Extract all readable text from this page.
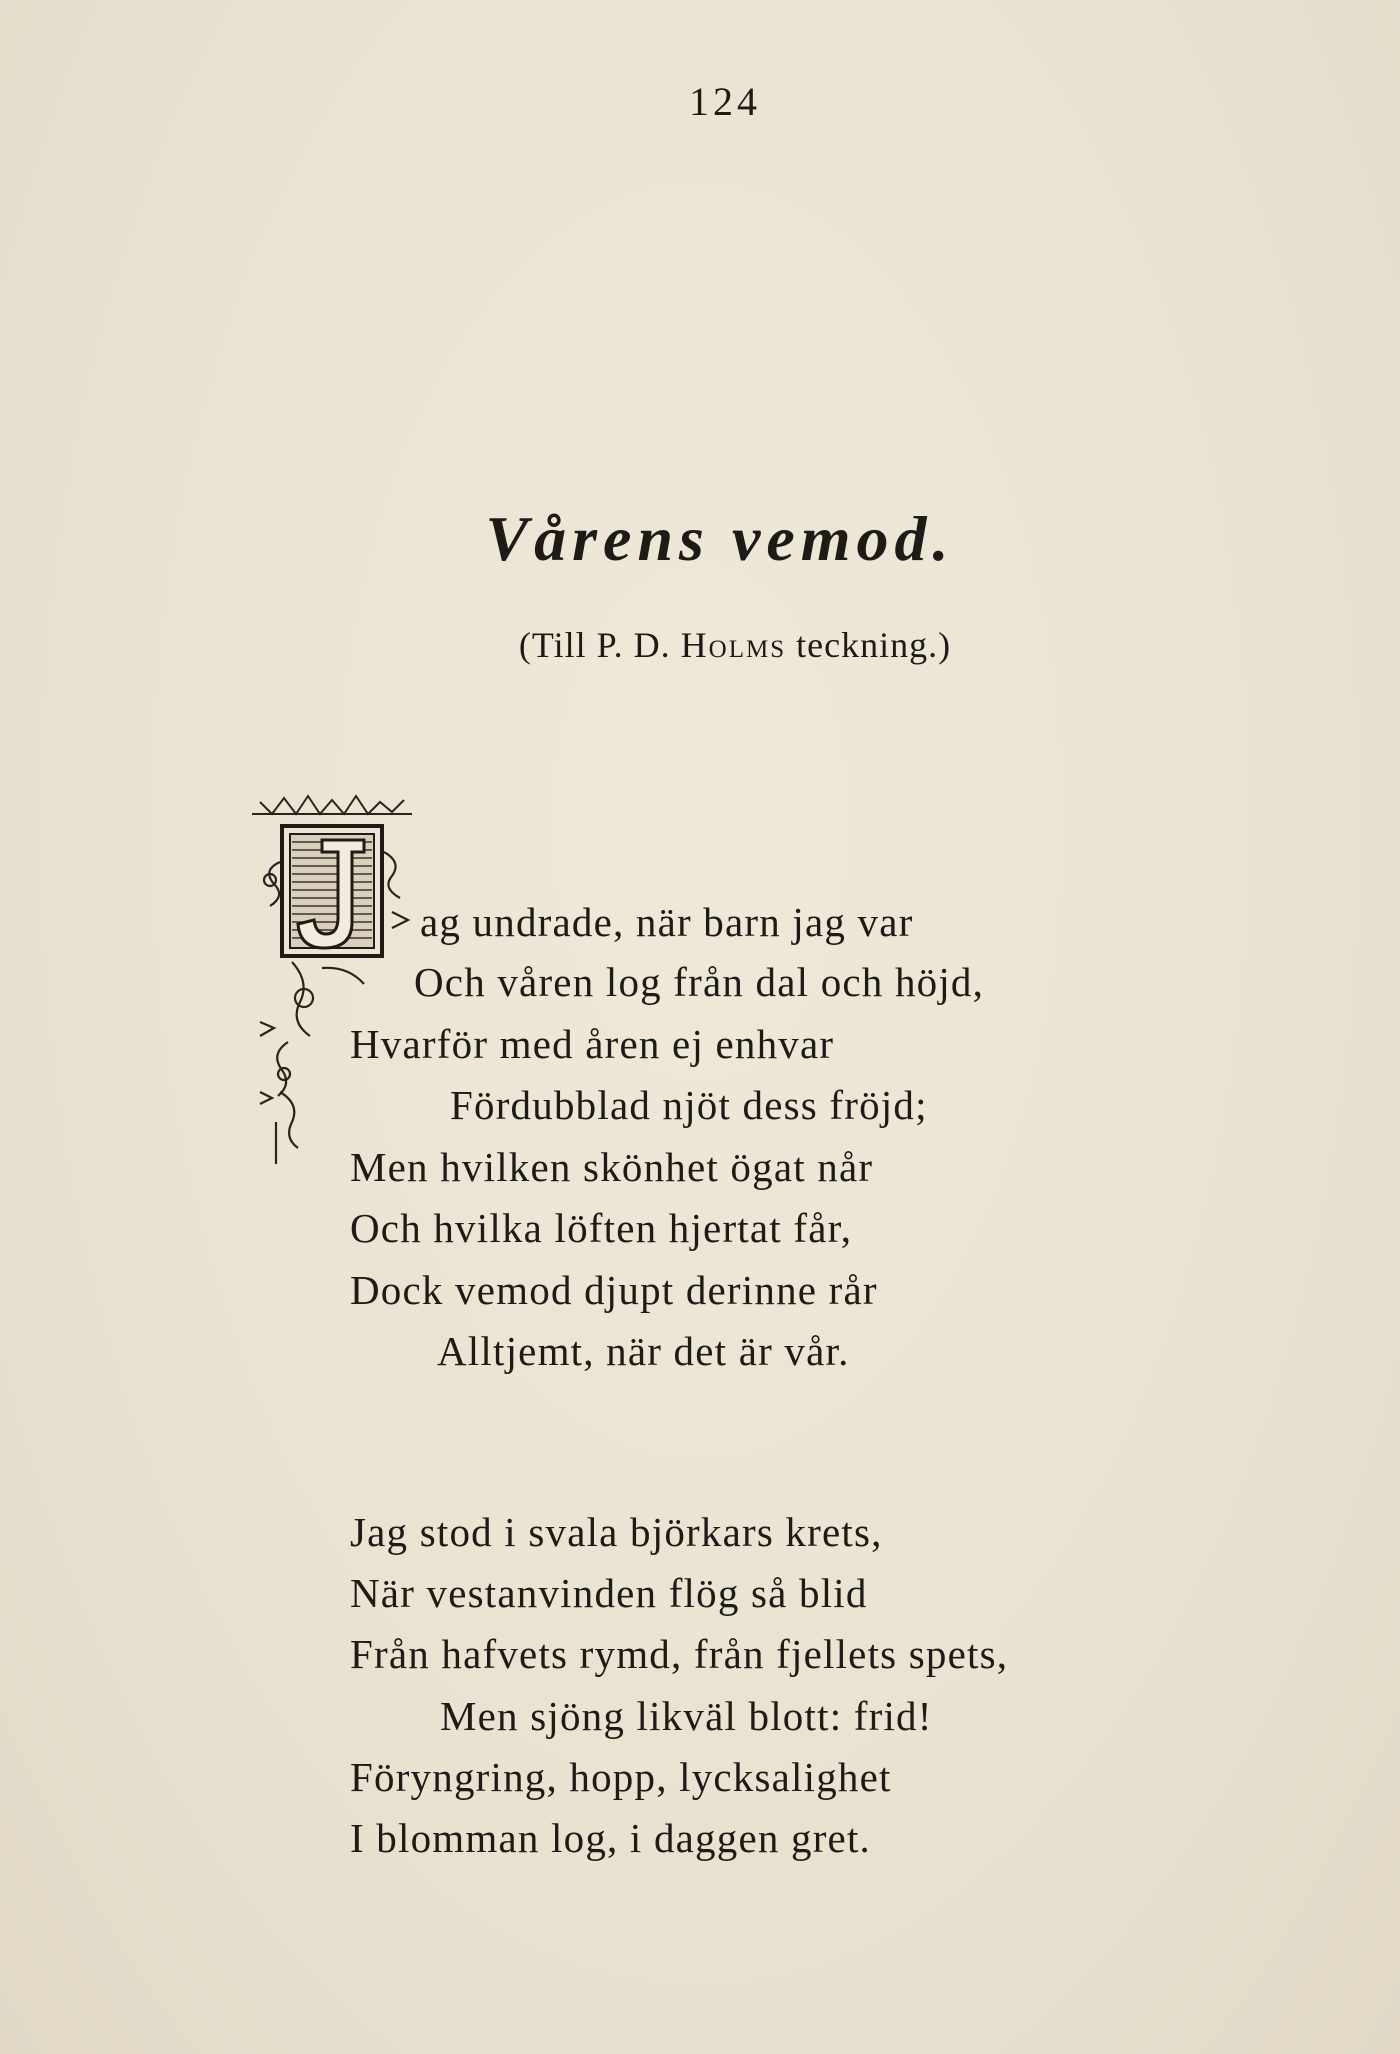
124
Vårens vemod.
(Till P. D. Holms teckning.)
ag undrade, när barn jag var
Och våren log från dal och höjd,
Hvarför med åren ej enhvar
Fördubblad njöt dess fröjd;
Men hvilken skönhet ögat når
Och hvilka löften hjertat får,
Dock vemod djupt derinne rår
Alltjemt, när det är vår.
Jag stod i svala björkars krets,
När vestanvinden flög så blid
Från hafvets rymd, från fjellets spets,
Men sjöng likväl blott: frid!
Föryngring, hopp, lycksalighet
I blomman log, i daggen gret.
